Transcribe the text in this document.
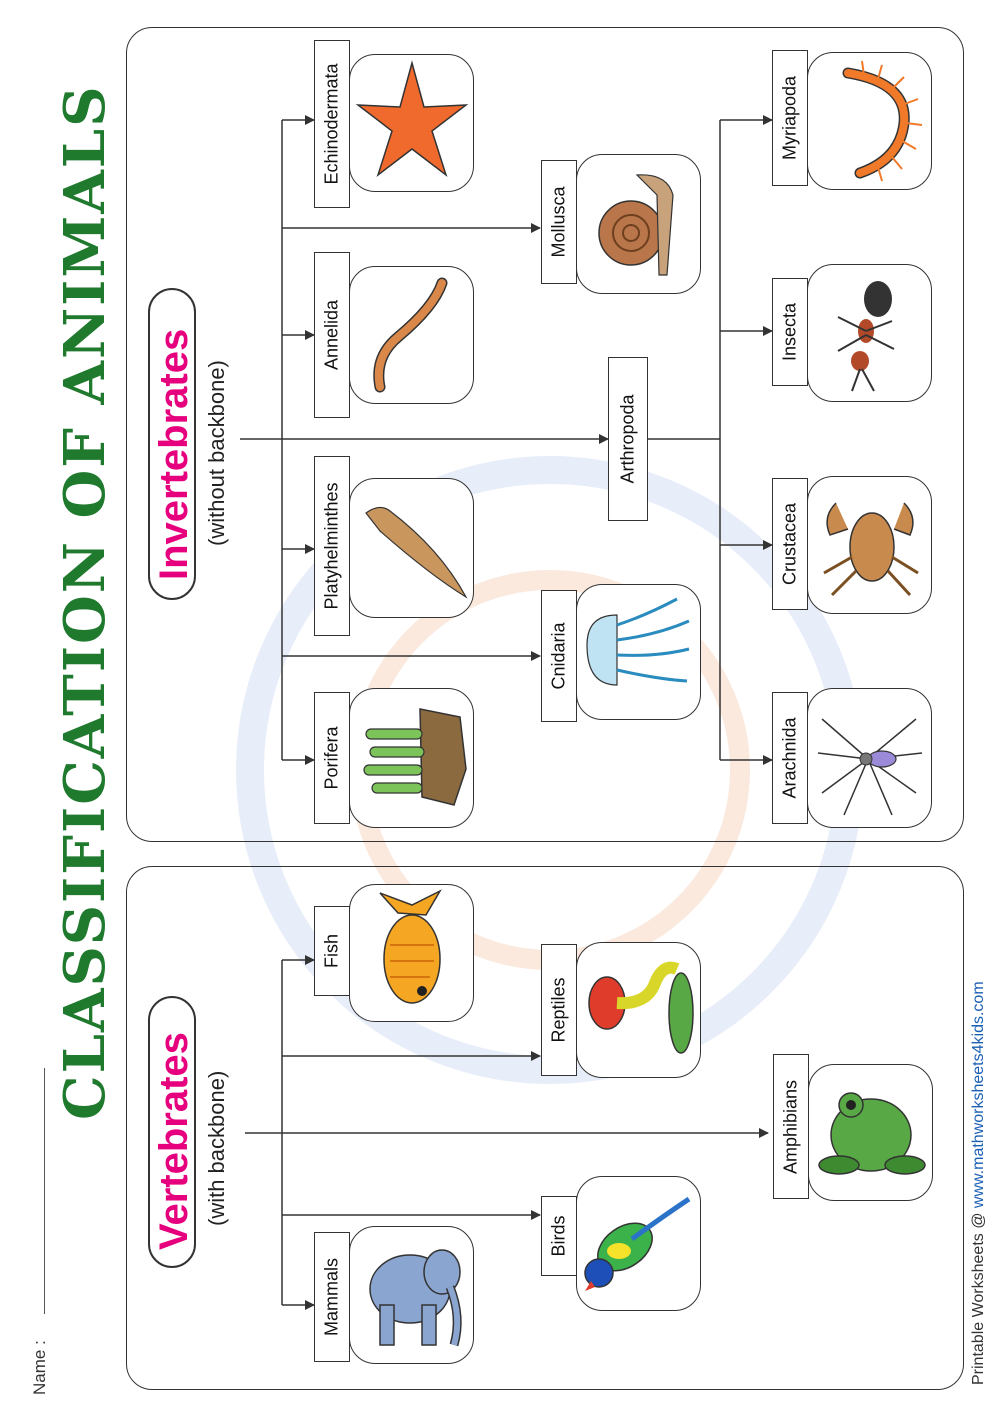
Name :
CLASSIFICATION OF ANIMALS
Printable Worksheets @ www.mathworksheets4kids.com
Vertebrates (with backbone)
Invertebrates (without backbone)
Mammals
Birds
Amphibians
Reptiles
Fish
Porifera
Cnidaria
Platyhelminthes
Arthropoda
Annelida
Mollusca
Echinodermata
Arachnida
Crustacea
Insecta
Myriapoda
